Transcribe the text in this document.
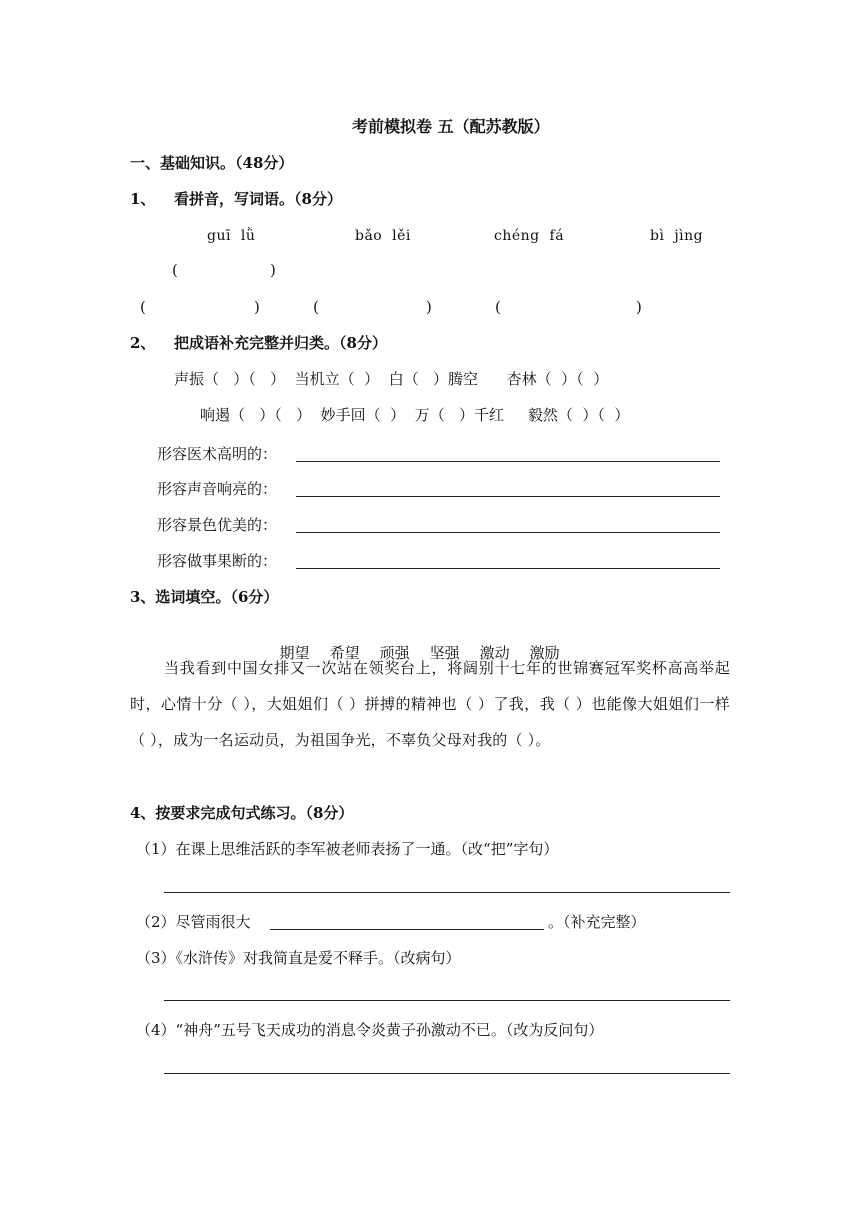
考前模拟卷 五（配苏教版）
一、基础知识。（48分）
1、 看拼音，写词语。（8分）
guī  lǜ	bǎo  lěi	chéng  fá	bì  jìng
(	)
(	)	(	)	(	)
2、 把成语补充完整并归类。（8分）
声振（   ）（   ）  当机立（  ）  白（   ）腾空      杏林（  ）（  ）
响遏（   ）（   ）  妙手回（  ）  万（   ）千红     毅然（  ）（  ）
形容医术高明的：
形容声音响亮的：
形容景色优美的：
形容做事果断的：
3、选词填空。（6分）

期望 希望 顽强 坚强 激动 激励

当我看到中国女排又一次站在领奖台上，将阔别十七年的世锦赛冠军奖杯高高举起时，心情十分（ ），大姐姐们（ ）拼搏的精神也（ ）了我，我（ ）也能像大姐姐们一样（ ），成为一名运动员，为祖国争光，不辜负父母对我的（ ）。
4、按要求完成句式练习。（8分）
（1）在课上思维活跃的李军被老师表扬了一通。（改“把”字句）
（2）尽管雨很大	。（补充完整）
（3）《水浒传》对我简直是爱不释手。（改病句）
（4）“神舟”五号飞天成功的消息令炎黄子孙激动不已。（改为反问句）
